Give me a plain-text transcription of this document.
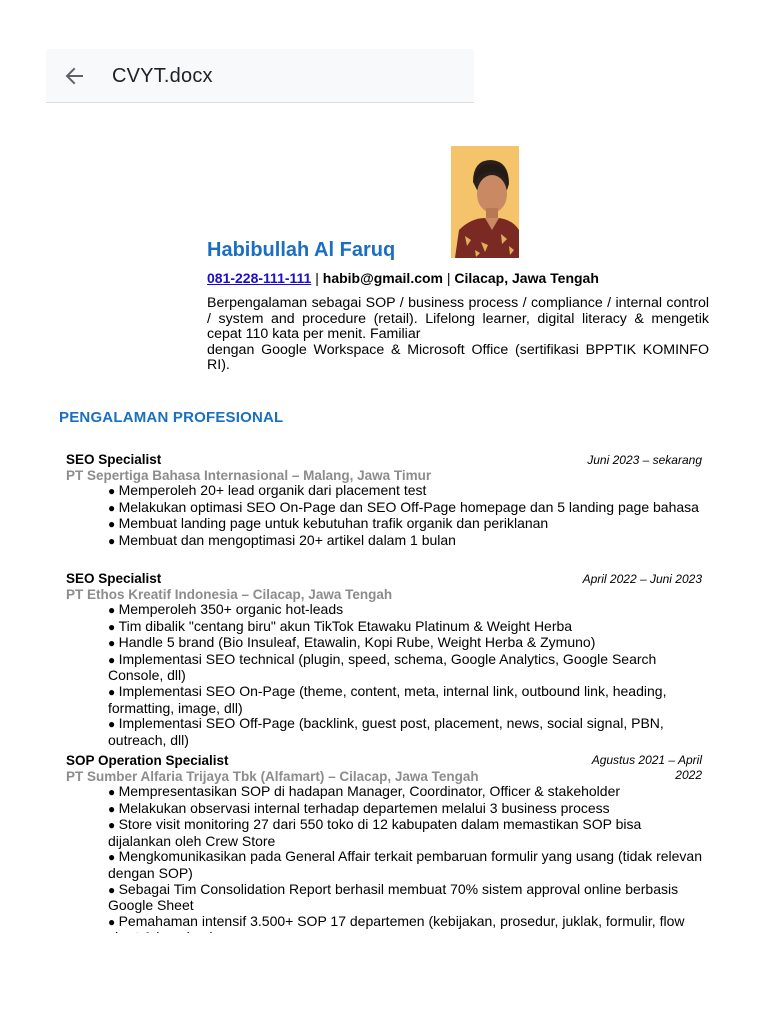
CVYT.docx
Habibullah Al Faruq
081-228-111-111 | habib@gmail.com | Cilacap, Jawa Tengah

Berpengalaman sebagai SOP / business process / compliance / internal control / system and procedure (retail). Lifelong learner, digital literacy & mengetik cepat 110 kata per menit. Familiar

dengan Google Workspace & Microsoft Office (sertifikasi BPPTIK KOMINFO RI).

PENGALAMAN PROFESIONAL
SEO Specialist	Juni 2023 – sekarang
PT Sepertiga Bahasa Internasional – Malang, Jawa Timur
● Memperoleh 20+ lead organik dari placement test
● Melakukan optimasi SEO On-Page dan SEO Off-Page homepage dan 5 landing page bahasa
● Membuat landing page untuk kebutuhan trafik organik dan periklanan
● Membuat dan mengoptimasi 20+ artikel dalam 1 bulan
SEO Specialist	April 2022 – Juni 2023
PT Ethos Kreatif Indonesia – Cilacap, Jawa Tengah
● Memperoleh 350+ organic hot-leads
● Tim dibalik "centang biru" akun TikTok Etawaku Platinum & Weight Herba
● Handle 5 brand (Bio Insuleaf, Etawalin, Kopi Rube, Weight Herba & Zymuno)
● Implementasi SEO technical (plugin, speed, schema, Google Analytics, Google Search Console, dll)
● Implementasi SEO On-Page (theme, content, meta, internal link, outbound link, heading, formatting, image, dll)
● Implementasi SEO Off-Page (backlink, guest post, placement, news, social signal, PBN, outreach, dll)
SOP Operation Specialist	Agustus 2021 – April 2022
PT Sumber Alfaria Trijaya Tbk (Alfamart) – Cilacap, Jawa Tengah
● Mempresentasikan SOP di hadapan Manager, Coordinator, Officer & stakeholder
● Melakukan observasi internal terhadap departemen melalui 3 business process
● Store visit monitoring 27 dari 550 toko di 12 kabupaten dalam memastikan SOP bisa dijalankan oleh Crew Store
● Mengkomunikasikan pada General Affair terkait pembaruan formulir yang usang (tidak relevan dengan SOP)
● Sebagai Tim Consolidation Report berhasil membuat 70% sistem approval online berbasis Google Sheet
● Pemahaman intensif 3.500+ SOP 17 departemen (kebijakan, prosedur, juklak, formulir, flow
